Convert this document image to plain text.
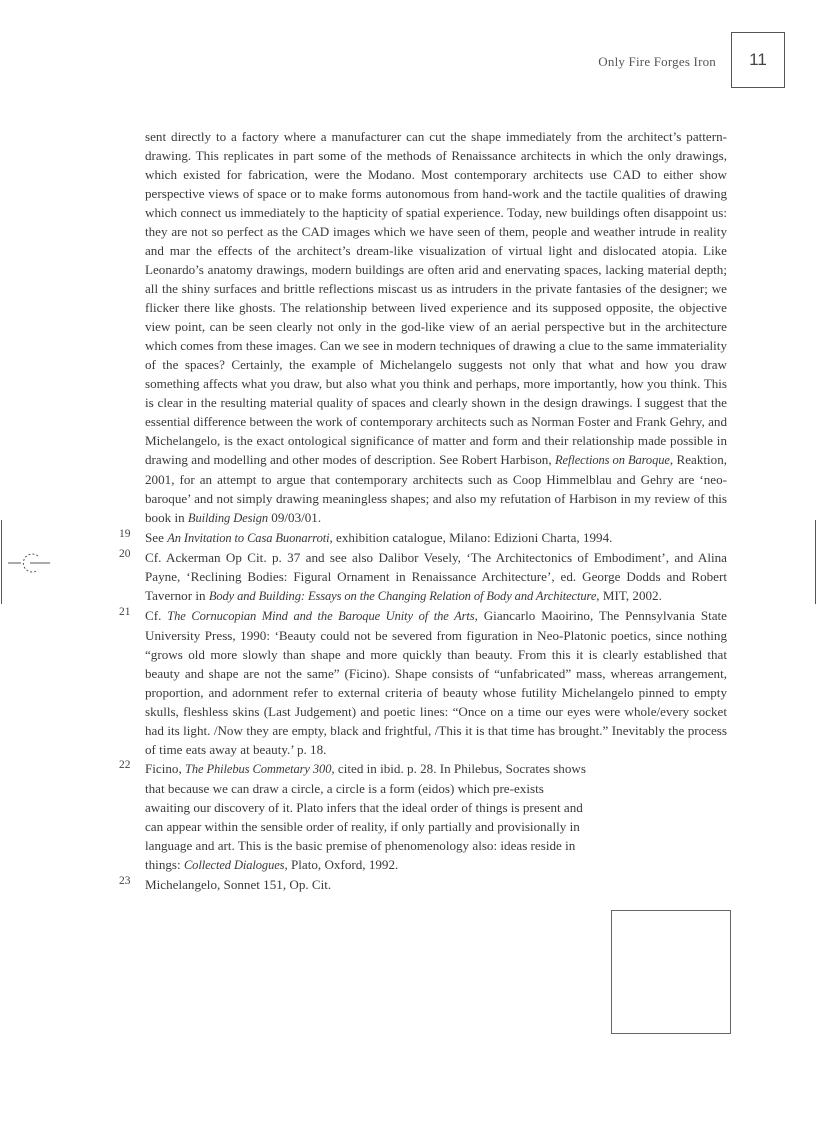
Only Fire Forges Iron 11

sent directly to a factory where a manufacturer can cut the shape immediately from the architect’s pattern-drawing. This replicates in part some of the methods of Renaissance architects in which the only drawings, which existed for fabrication, were the Modano. Most contemporary architects use CAD to either show perspective views of space or to make forms autonomous from hand-work and the tactile qualities of drawing which connect us immediately to the hapticity of spatial experience. Today, new buildings often disappoint us: they are not so perfect as the CAD images which we have seen of them, people and weather intrude in reality and mar the effects of the architect’s dream-like visualization of virtual light and dislocated atopia. Like Leonardo’s anatomy drawings, modern buildings are often arid and enervating spaces, lacking material depth; all the shiny surfaces and brittle reflections miscast us as intruders in the private fantasies of the designer; we flicker there like ghosts. The relationship between lived experience and its supposed opposite, the objective view point, can be seen clearly not only in the god-like view of an aerial perspective but in the architecture which comes from these images. Can we see in modern techniques of drawing a clue to the same immateriality of the spaces? Certainly, the example of Michelangelo suggests not only that what and how you draw something affects what you draw, but also what you think and perhaps, more importantly, how you think. This is clear in the resulting material quality of spaces and clearly shown in the design drawings. I suggest that the essential difference between the work of contemporary architects such as Norman Foster and Frank Gehry, and Michelangelo, is the exact ontological significance of matter and form and their relationship made possible in drawing and modelling and other modes of description. See Robert Harbison, Reflections on Baroque, Reaktion, 2001, for an attempt to argue that contemporary architects such as Coop Himmelblau and Gehry are ‘neo-baroque’ and not simply drawing meaningless shapes; and also my refutation of Harbison in my review of this book in Building Design 09/03/01.

19 See An Invitation to Casa Buonarroti, exhibition catalogue, Milano: Edizioni Charta, 1994.

20 Cf. Ackerman Op Cit. p. 37 and see also Dalibor Vesely, ‘The Architectonics of Embodiment’, and Alina Payne, ‘Reclining Bodies: Figural Ornament in Renaissance Architecture’, ed. George Dodds and Robert Tavernor in Body and Building: Essays on the Changing Relation of Body and Architecture, MIT, 2002.

21 Cf. The Cornucopian Mind and the Baroque Unity of the Arts, Giancarlo Maoirino, The Pennsylvania State University Press, 1990: ‘Beauty could not be severed from figuration in Neo-Platonic poetics, since nothing “grows old more slowly than shape and more quickly than beauty. From this it is clearly established that beauty and shape are not the same” (Ficino). Shape consists of “unfabricated” mass, whereas arrangement, proportion, and adornment refer to external criteria of beauty whose futility Michelangelo pinned to empty skulls, fleshless skins (Last Judgement) and poetic lines: “Once on a time our eyes were whole/every socket had its light. /Now they are empty, black and frightful, /This it is that time has brought.” Inevitably the process of time eats away at beauty.’ p. 18.

22 Ficino, The Philebus Commetary 300, cited in ibid. p. 28. In Philebus, Socrates shows that because we can draw a circle, a circle is a form (eidos) which pre-exists awaiting our discovery of it. Plato infers that the ideal order of things is present and can appear within the sensible order of reality, if only partially and provisionally in language and art. This is the basic premise of phenomenology also: ideas reside in things: Collected Dialogues, Plato, Oxford, 1992.

23 Michelangelo, Sonnet 151, Op. Cit.
